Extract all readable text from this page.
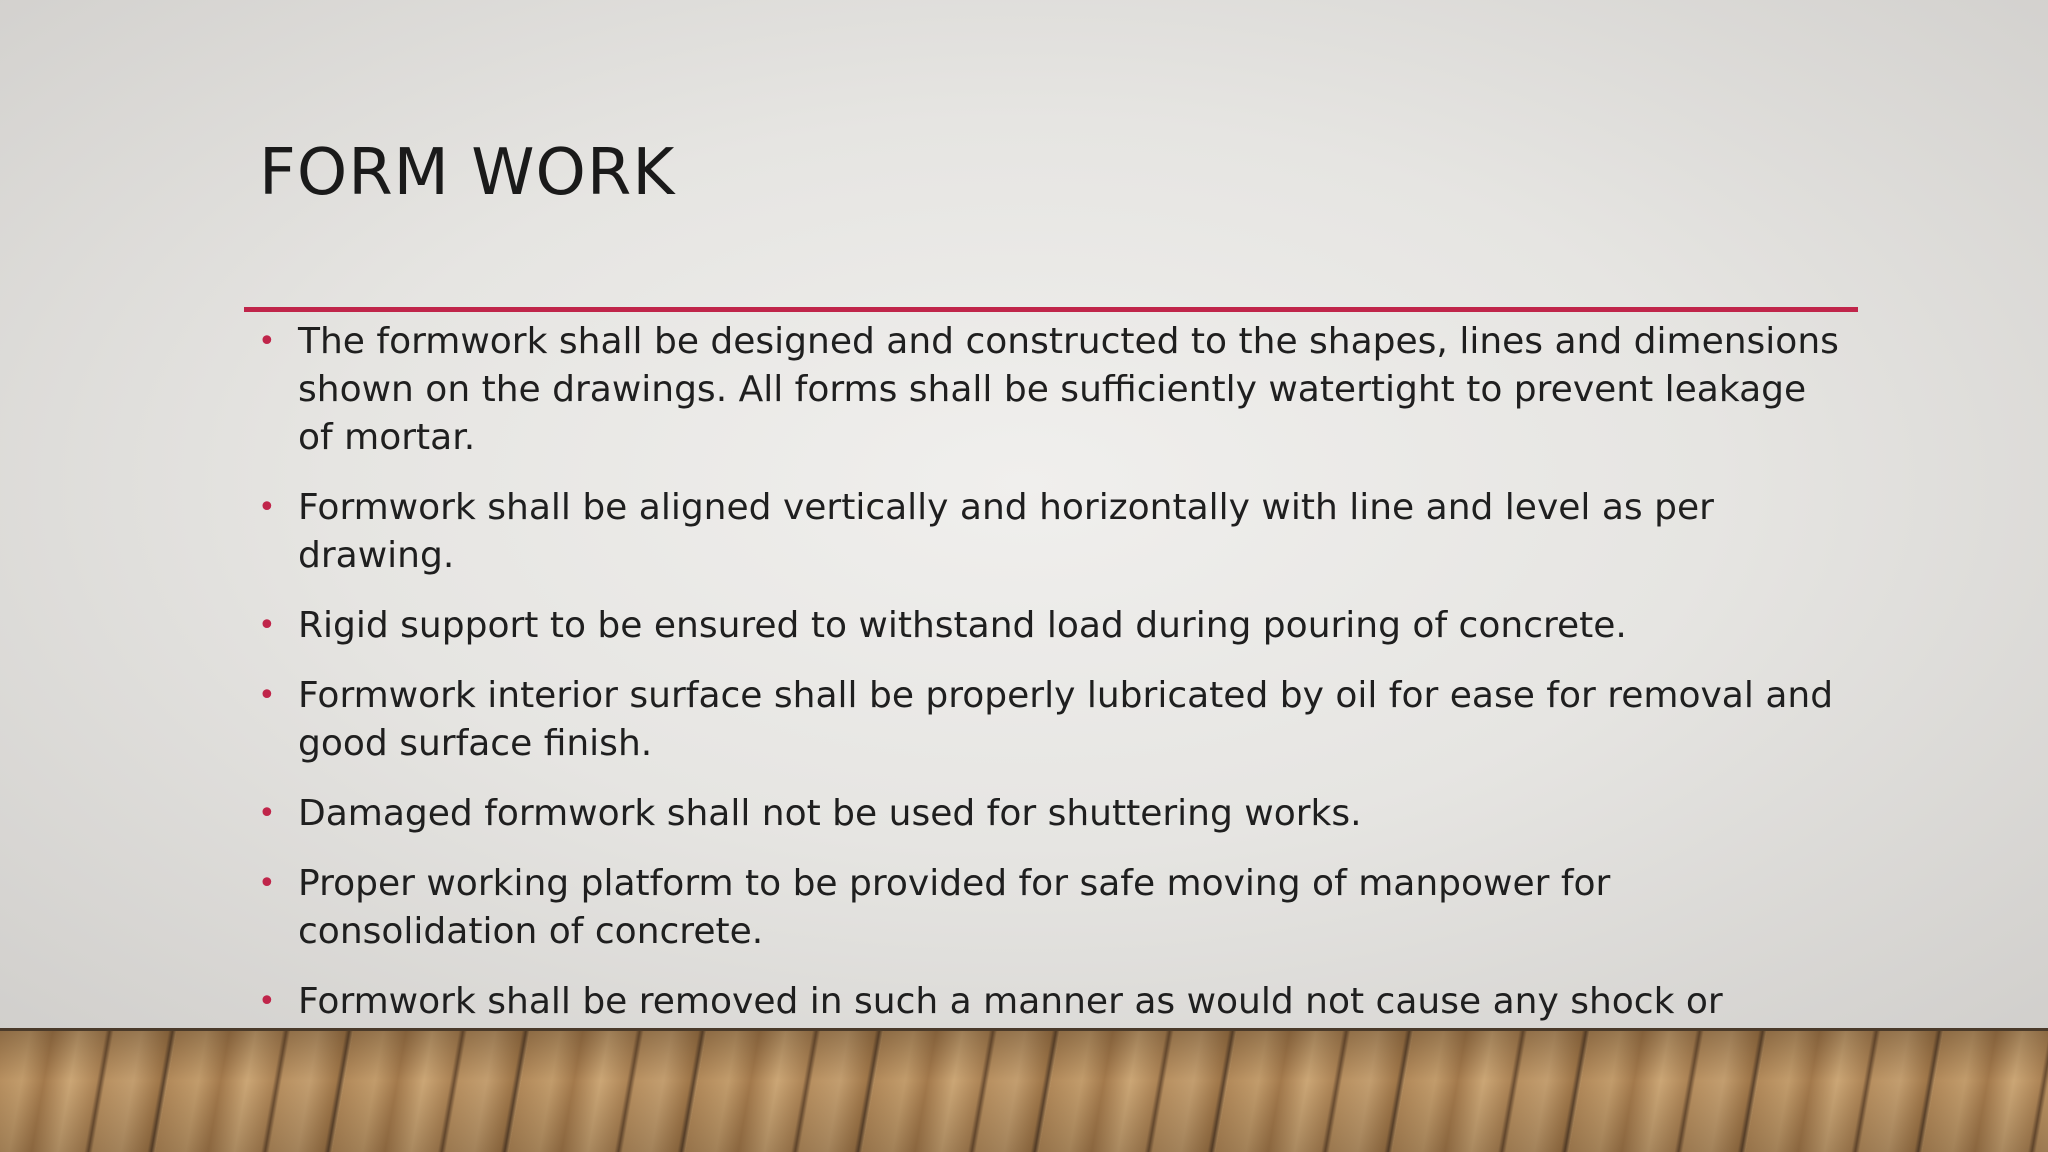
FORM WORK
• The formwork shall be designed and constructed to the shapes, lines and dimensions shown on the drawings. All forms shall be sufficiently watertight to prevent leakage of mortar.
• Formwork shall be aligned vertically and horizontally with line and level as per drawing.
• Rigid support to be ensured to withstand load during pouring of concrete.
• Formwork interior surface shall be properly lubricated by oil for ease for removal and good surface finish.
• Damaged formwork shall not be used for shuttering works.
• Proper working platform to be provided for safe moving of manpower for consolidation of concrete.
• Formwork shall be removed in such a manner as would not cause any shock or
